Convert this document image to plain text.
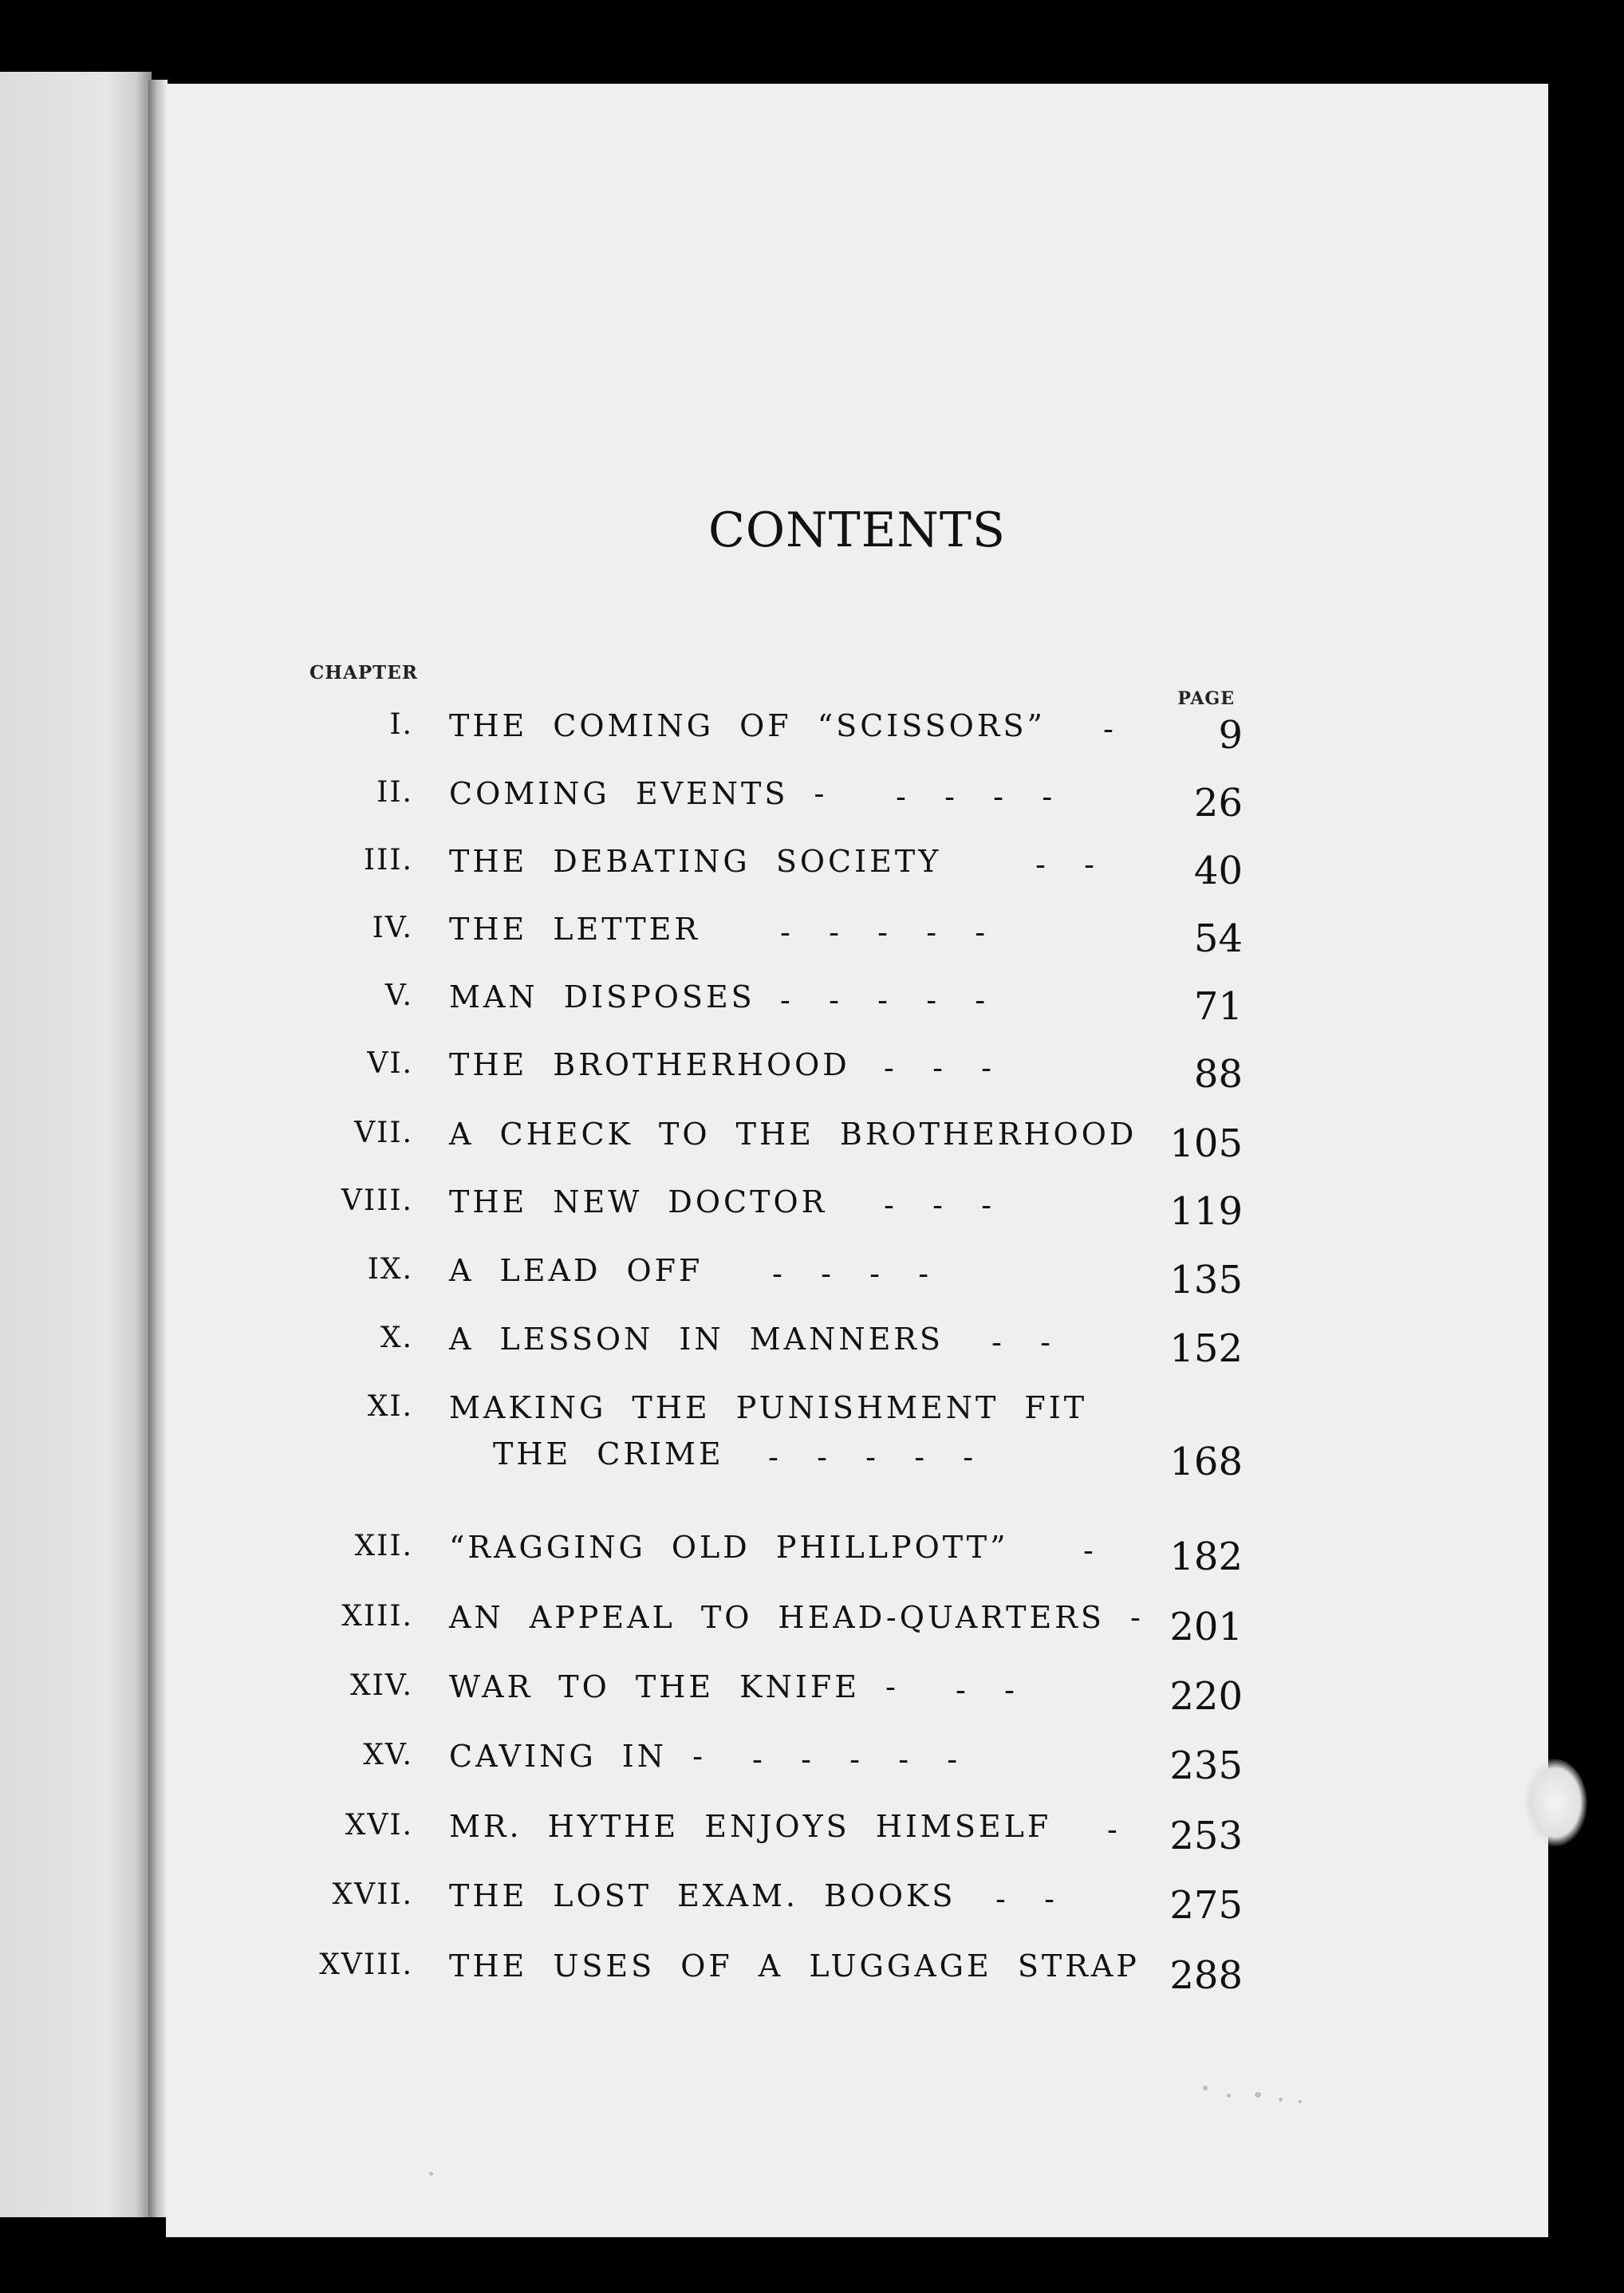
CONTENTS
CHAPTER
PAGE
I. THE COMING OF “SCISSORS” -	9
II. COMING EVENTS - -   -   -   -	26
III. THE DEBATING SOCIETY	-   -	40
IV. THE LETTER	-   -   -   -   -	54
V. MAN DISPOSES -   -   -   -   -	71
VI. THE BROTHERHOOD -   -   -	88
VII. A CHECK TO THE BROTHERHOOD 105
VIII. THE NEW DOCTOR -   -   -	119
IX. A LEAD OFF -   -   -   -	135
X. A LESSON IN MANNERS -   -	152
XI. MAKING THE PUNISHMENT FIT
THE CRIME -   -   -   -   -	168
XII. “RAGGING OLD PHILLPOTT” -	182
XIII. AN APPEAL TO HEAD-QUARTERS - 201
XIV. WAR TO THE KNIFE - -   -	220
XV. CAVING IN - -   -   -   -   -	235
XVI. MR. HYTHE ENJOYS HIMSELF -	253
XVII. THE LOST EXAM. BOOKS -   -	275
XVIII. THE USES OF A LUGGAGE STRAP 288
